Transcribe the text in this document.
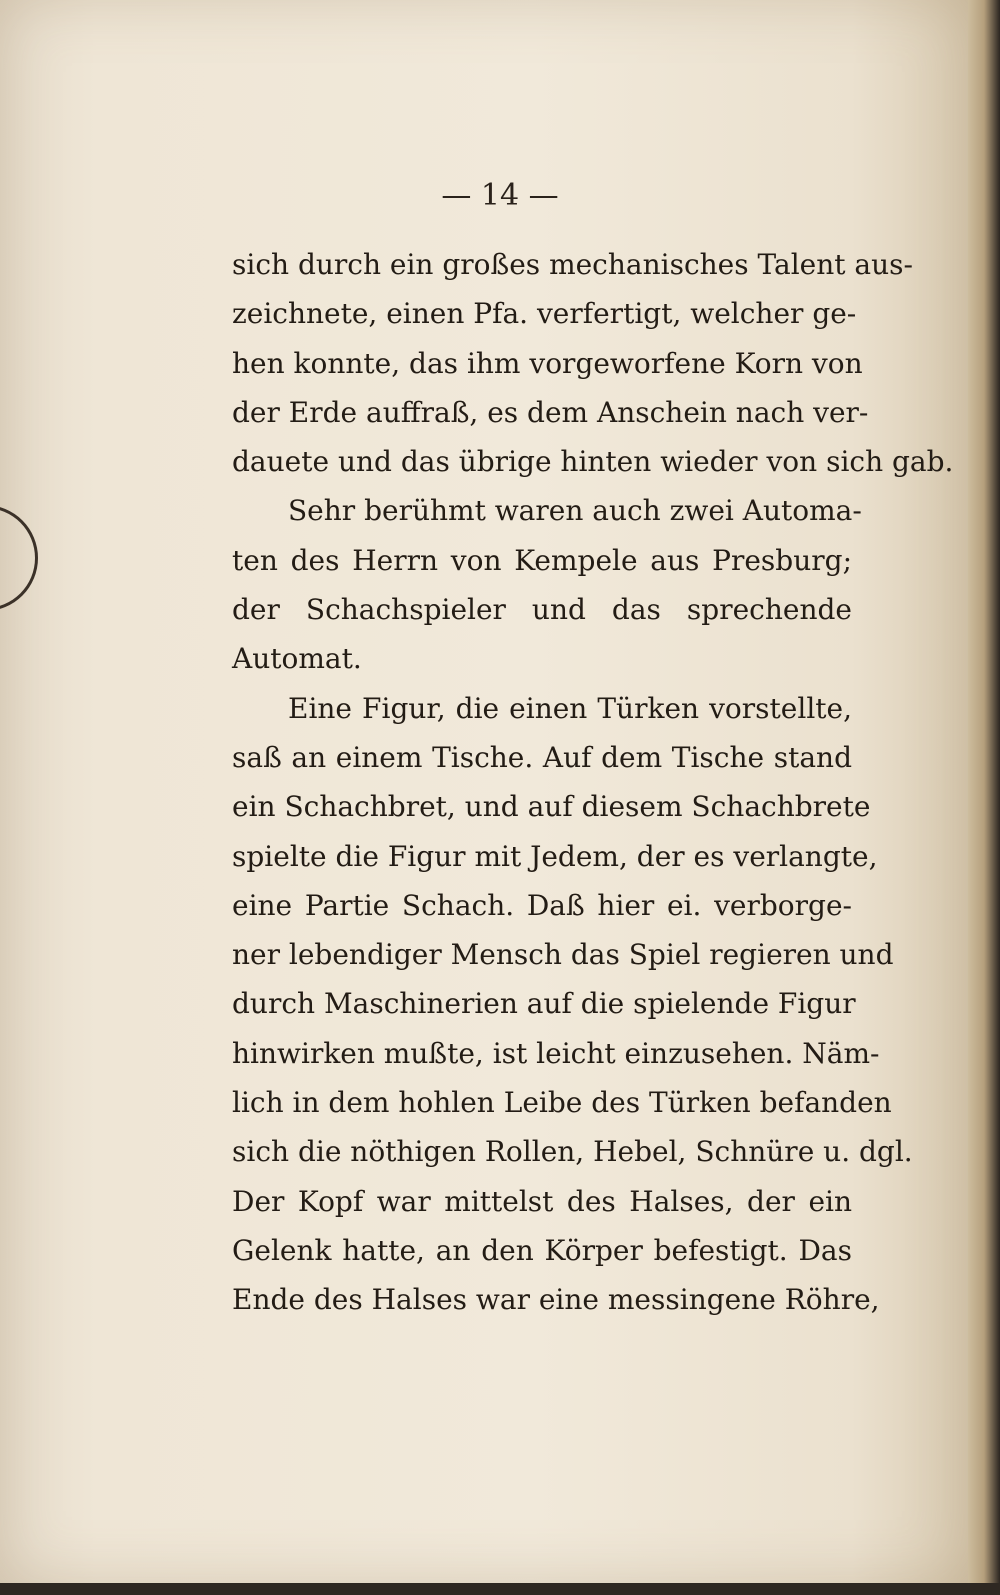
— 14 —
sich durch ein großes mechanisches Talent aus-
zeichnete, einen Pfa. verfertigt, welcher ge-
hen konnte, das ihm vorgeworfene Korn von
der Erde auffraß, es dem Anschein nach ver-
dauete und das übrige hinten wieder von sich gab.
Sehr berühmt waren auch zwei Automa-
ten des Herrn von Kempele aus Presburg;
der Schachspieler und das sprechende
Automat.
Eine Figur, die einen Türken vorstellte,
saß an einem Tische. Auf dem Tische stand
ein Schachbret, und auf diesem Schachbrete
spielte die Figur mit Jedem, der es verlangte,
eine Partie Schach. Daß hier ei. verborge-
ner lebendiger Mensch das Spiel regieren und
durch Maschinerien auf die spielende Figur
hinwirken mußte, ist leicht einzusehen. Näm-
lich in dem hohlen Leibe des Türken befanden
sich die nöthigen Rollen, Hebel, Schnüre u. dgl.
Der Kopf war mittelst des Halses, der ein
Gelenk hatte, an den Körper befestigt. Das
Ende des Halses war eine messingene Röhre,
